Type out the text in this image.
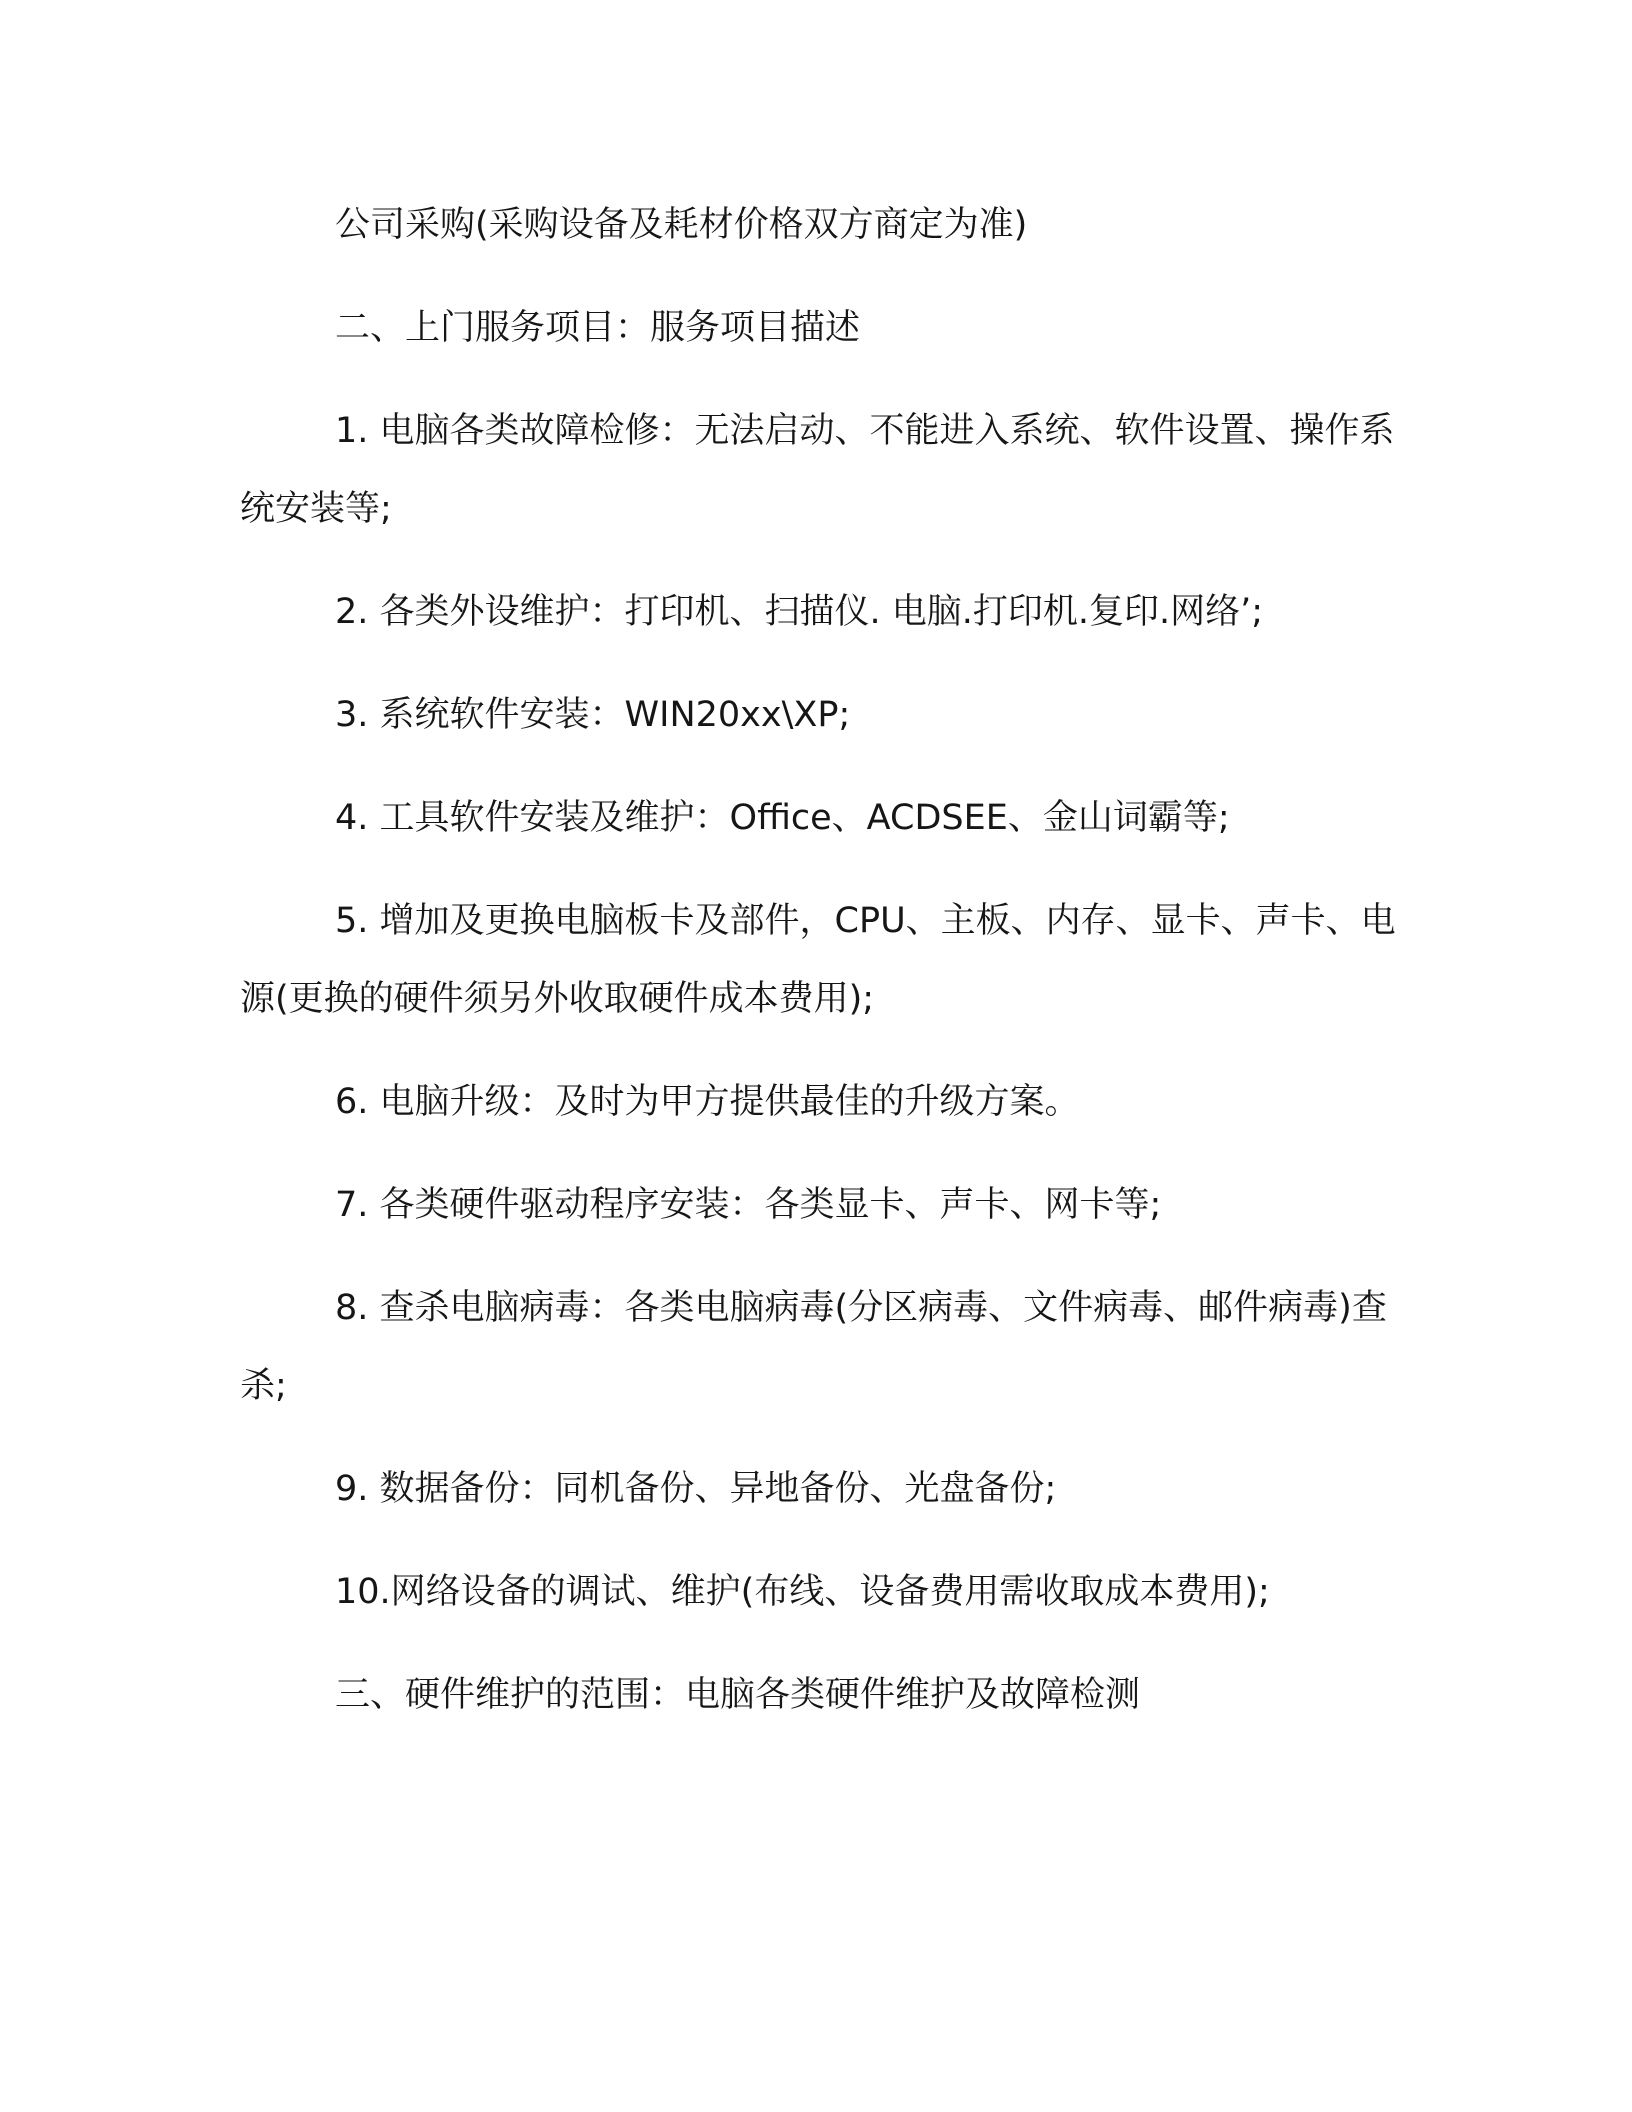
公司采购(采购设备及耗材价格双方商定为准)

二、上门服务项目：服务项目描述

1. 电脑各类故障检修：无法启动、不能进入系统、软件设置、操作系统安装等;

2. 各类外设维护：打印机、扫描仪. 电脑.打印机.复印.网络’;

3. 系统软件安装：WIN20xx\XP;

4. 工具软件安装及维护：Office、ACDSEE、金山词霸等;

5. 增加及更换电脑板卡及部件，CPU、主板、内存、显卡、声卡、电源(更换的硬件须另外收取硬件成本费用);

6. 电脑升级：及时为甲方提供最佳的升级方案。

7. 各类硬件驱动程序安装：各类显卡、声卡、网卡等;

8. 查杀电脑病毒：各类电脑病毒(分区病毒、文件病毒、邮件病毒)查杀;

9. 数据备份：同机备份、异地备份、光盘备份;

10.网络设备的调试、维护(布线、设备费用需收取成本费用);

三、硬件维护的范围：电脑各类硬件维护及故障检测
